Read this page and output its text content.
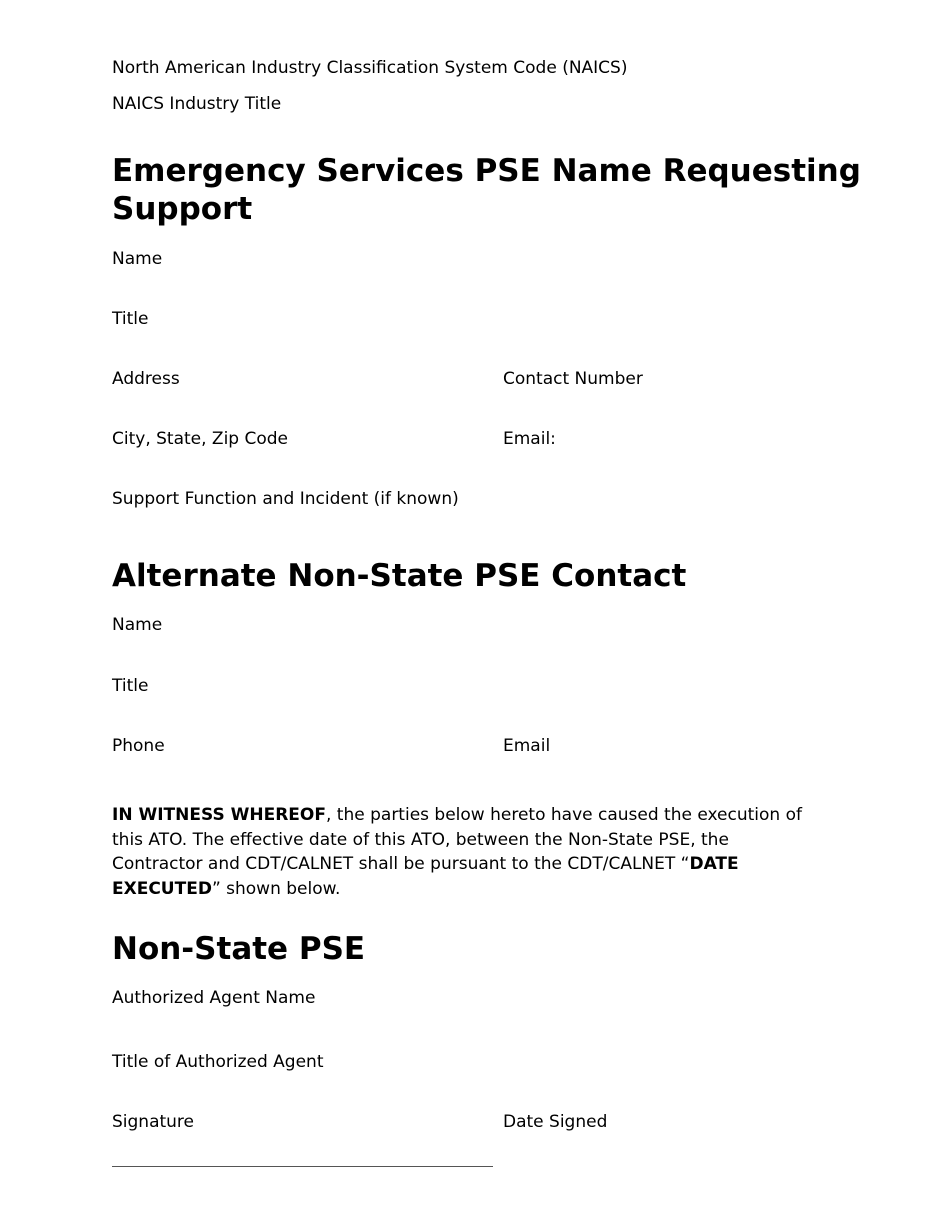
North American Industry Classification System Code (NAICS)
NAICS Industry Title
Emergency Services PSE Name Requesting
Support
Name
Title
Address	Contact Number
City, State, Zip Code	Email:
Support Function and Incident (if known)
Alternate Non-State PSE Contact
Name
Title
Phone	Email

IN WITNESS WHEREOF, the parties below hereto have caused the execution of this ATO. The effective date of this ATO, between the Non-State PSE, the Contractor and CDT/CALNET shall be pursuant to the CDT/CALNET “DATE EXECUTED” shown below.

Non-State PSE
Authorized Agent Name
Title of Authorized Agent
Signature	Date Signed
